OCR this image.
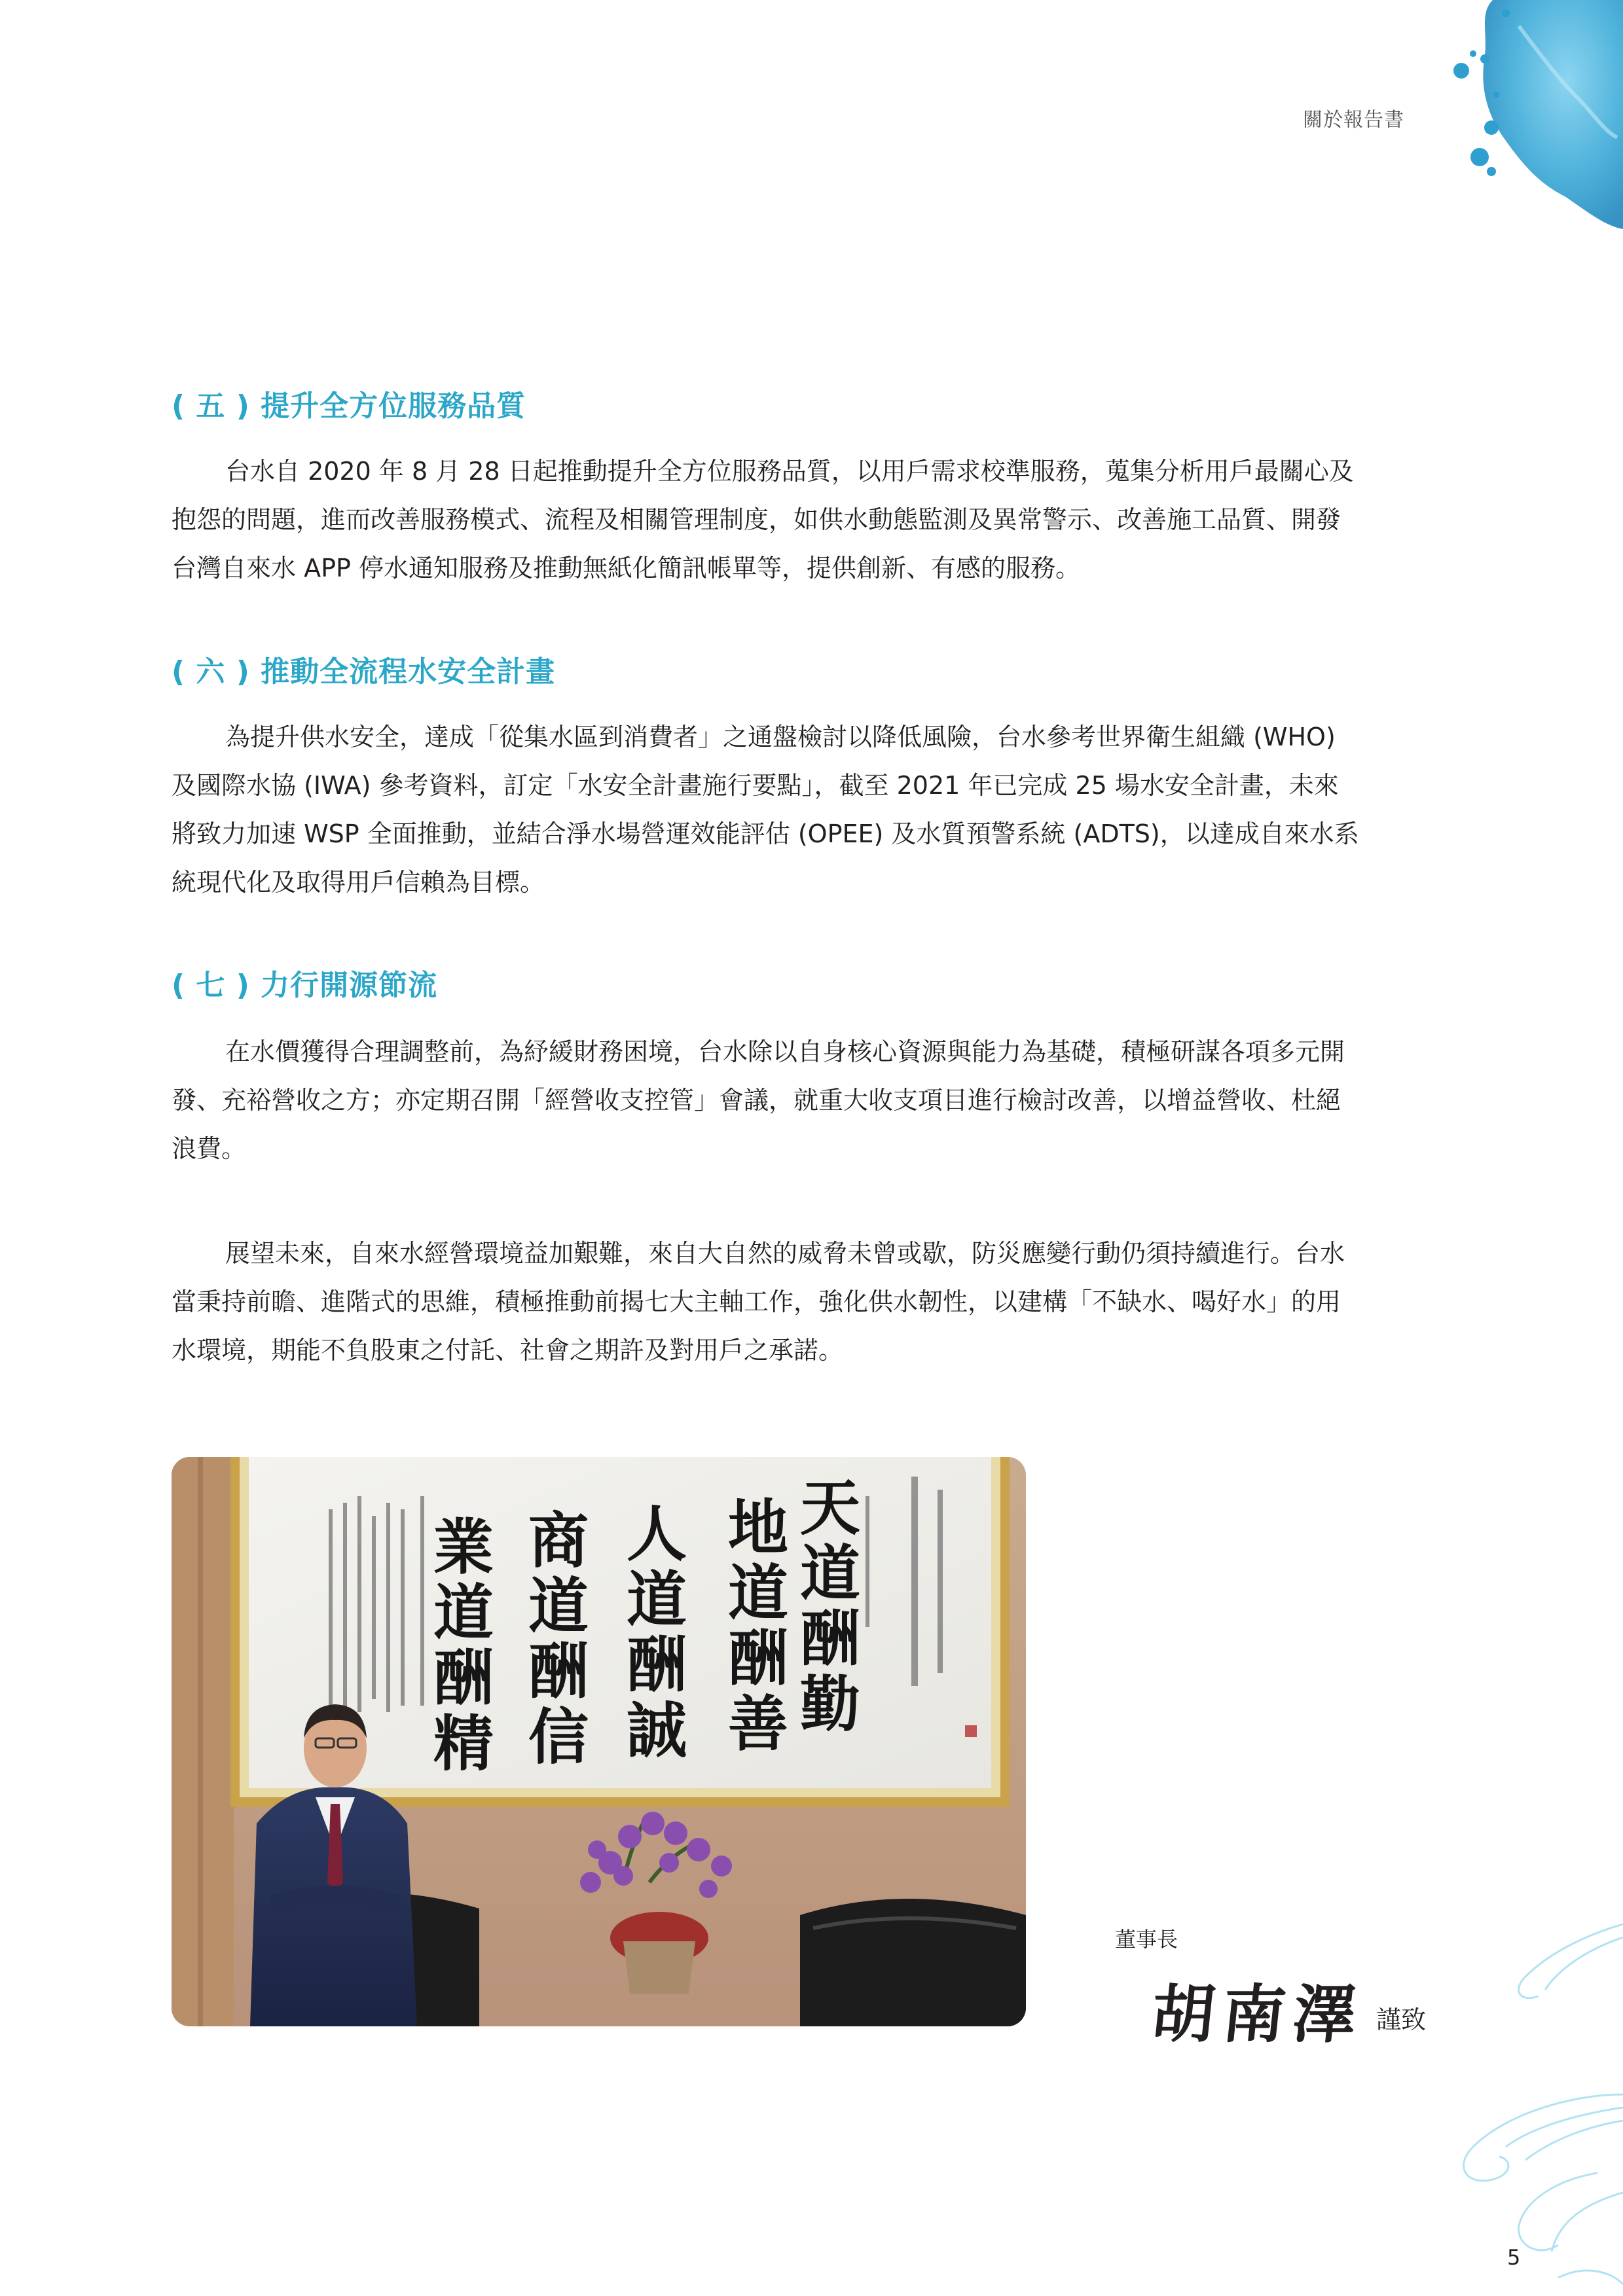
關於報告書
( 五 ) 提升全方位服務品質
台水自 2020 年 8 月 28 日起推動提升全方位服務品質，以用戶需求校準服務，蒐集分析用戶最關心及
抱怨的問題，進而改善服務模式、流程及相關管理制度，如供水動態監測及異常警示、改善施工品質、開發
台灣自來水 APP 停水通知服務及推動無紙化簡訊帳單等，提供創新、有感的服務。
( 六 ) 推動全流程水安全計畫
為提升供水安全，達成「從集水區到消費者」之通盤檢討以降低風險，台水參考世界衛生組織 (WHO)
及國際水協 (IWA) 參考資料，訂定「水安全計畫施行要點」，截至 2021 年已完成 25 場水安全計畫，未來
將致力加速 WSP 全面推動，並結合淨水場營運效能評估 (OPEE) 及水質預警系統 (ADTS)，以達成自來水系
統現代化及取得用戶信賴為目標。
( 七 ) 力行開源節流
在水價獲得合理調整前，為紓緩財務困境，台水除以自身核心資源與能力為基礎，積極研謀各項多元開
發、充裕營收之方；亦定期召開「經營收支控管」會議，就重大收支項目進行檢討改善，以增益營收、杜絕
浪費。
展望未來，自來水經營環境益加艱難，來自大自然的威脅未曾或歇，防災應變行動仍須持續進行。台水
當秉持前瞻、進階式的思維，積極推動前揭七大主軸工作，強化供水韌性，以建構「不缺水、喝好水」的用
水環境，期能不負股東之付託、社會之期許及對用戶之承諾。
天道酬勤
地道酬善
人道酬誠
商道酬信
業道酬精
董事長
胡南澤 謹致
5
